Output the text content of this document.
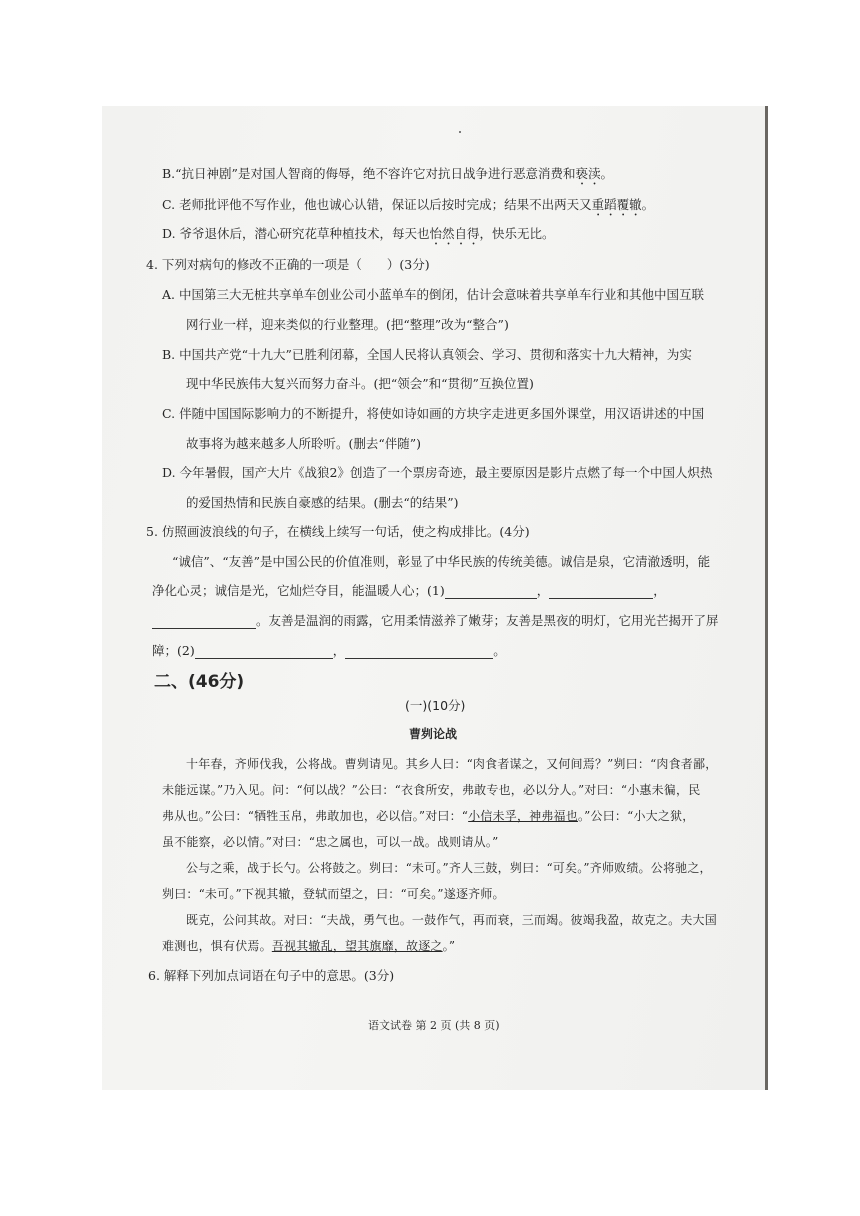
B.“抗日神剧”是对国人智商的侮辱，绝不容许它对抗日战争进行恶意消费和亵渎。
C. 老师批评他不写作业，他也诚心认错，保证以后按时完成；结果不出两天又重蹈覆辙。
D. 爷爷退休后，潜心研究花草种植技术，每天也怡然自得，快乐无比。
4. 下列对病句的修改不正确的一项是（　　）(3分)
A. 中国第三大无桩共享单车创业公司小蓝单车的倒闭，估计会意味着共享单车行业和其他中国互联
网行业一样，迎来类似的行业整理。(把“整理”改为“整合”)
B. 中国共产党“十九大”已胜利闭幕，全国人民将认真领会、学习、贯彻和落实十九大精神，为实
现中华民族伟大复兴而努力奋斗。(把“领会”和“贯彻”互换位置)
C. 伴随中国国际影响力的不断提升，将使如诗如画的方块字走进更多国外课堂，用汉语讲述的中国
故事将为越来越多人所聆听。(删去“伴随”)
D. 今年暑假，国产大片《战狼2》创造了一个票房奇迹，最主要原因是影片点燃了每一个中国人炽热
的爱国热情和民族自豪感的结果。(删去“的结果”)
5. 仿照画波浪线的句子，在横线上续写一句话，使之构成排比。(4分)
“诚信”、“友善”是中国公民的价值准则，彰显了中华民族的传统美德。诚信是泉，它清澈透明，能
净化心灵；诚信是光，它灿烂夺目，能温暖人心；(1)	，	，
。友善是温润的雨露，它用柔情滋养了嫩芽；友善是黑夜的明灯，它用光芒揭开了屏
障；(2)	，	。
二、(46分)
(一)(10分)
曹刿论战
十年春，齐师伐我，公将战。曹刿请见。其乡人曰：“肉食者谋之，又何间焉？”刿曰：“肉食者鄙，
未能远谋。”乃入见。问：“何以战？”公曰：“衣食所安，弗敢专也，必以分人。”对曰：“小惠未徧，民
弗从也。”公曰：“牺牲玉帛，弗敢加也，必以信。”对曰：“小信未孚，神弗福也。”公曰：“小大之狱，
虽不能察，必以情。”对曰：“忠之属也，可以一战。战则请从。”
公与之乘，战于长勺。公将鼓之。刿曰：“未可。”齐人三鼓，刿曰：“可矣。”齐师败绩。公将驰之，
刿曰：“未可。”下视其辙，登轼而望之，曰：“可矣。”遂逐齐师。
既克，公问其故。对曰：“夫战，勇气也。一鼓作气，再而衰，三而竭。彼竭我盈，故克之。夫大国
难测也，惧有伏焉。吾视其辙乱，望其旗靡，故逐之。”
6. 解释下列加点词语在句子中的意思。(3分)
语文试卷 第 2 页 (共 8 页)
